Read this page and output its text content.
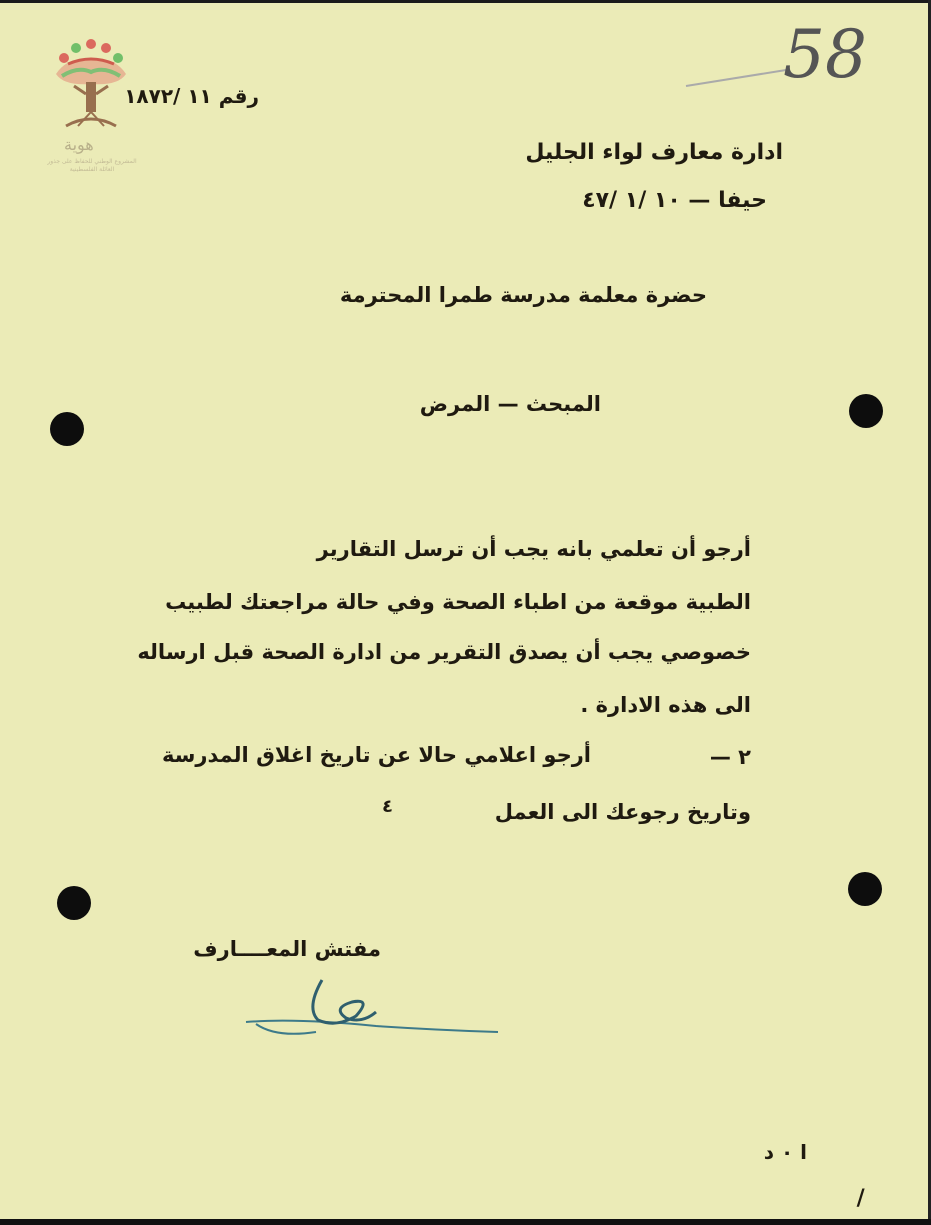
هوية
المشروع الوطني للحفاظ على جذور العائلة الفلسطينية
رقم ١١ /١٨٧٢
58
ادارة معارف لواء الجليل
حيفا — ١٠ /١ /٤٧
حضرة معلمة مدرسة طمرا المحترمة
المبحث — المرض
أرجو أن تعلمي بانه يجب أن ترسل التقارير
الطبية موقعة من اطباء الصحة وفي حالة مراجعتك لطبيب
خصوصي يجب أن يصدق التقرير من ادارة الصحة قبل ارساله
الى هذه الادارة .
٢ —
أرجو اعلامي حالا عن تاريخ اغلاق المدرسة
وتاريخ رجوعك الى العمل
٤
مفتش المعــــارف
ا ٠ د
/
